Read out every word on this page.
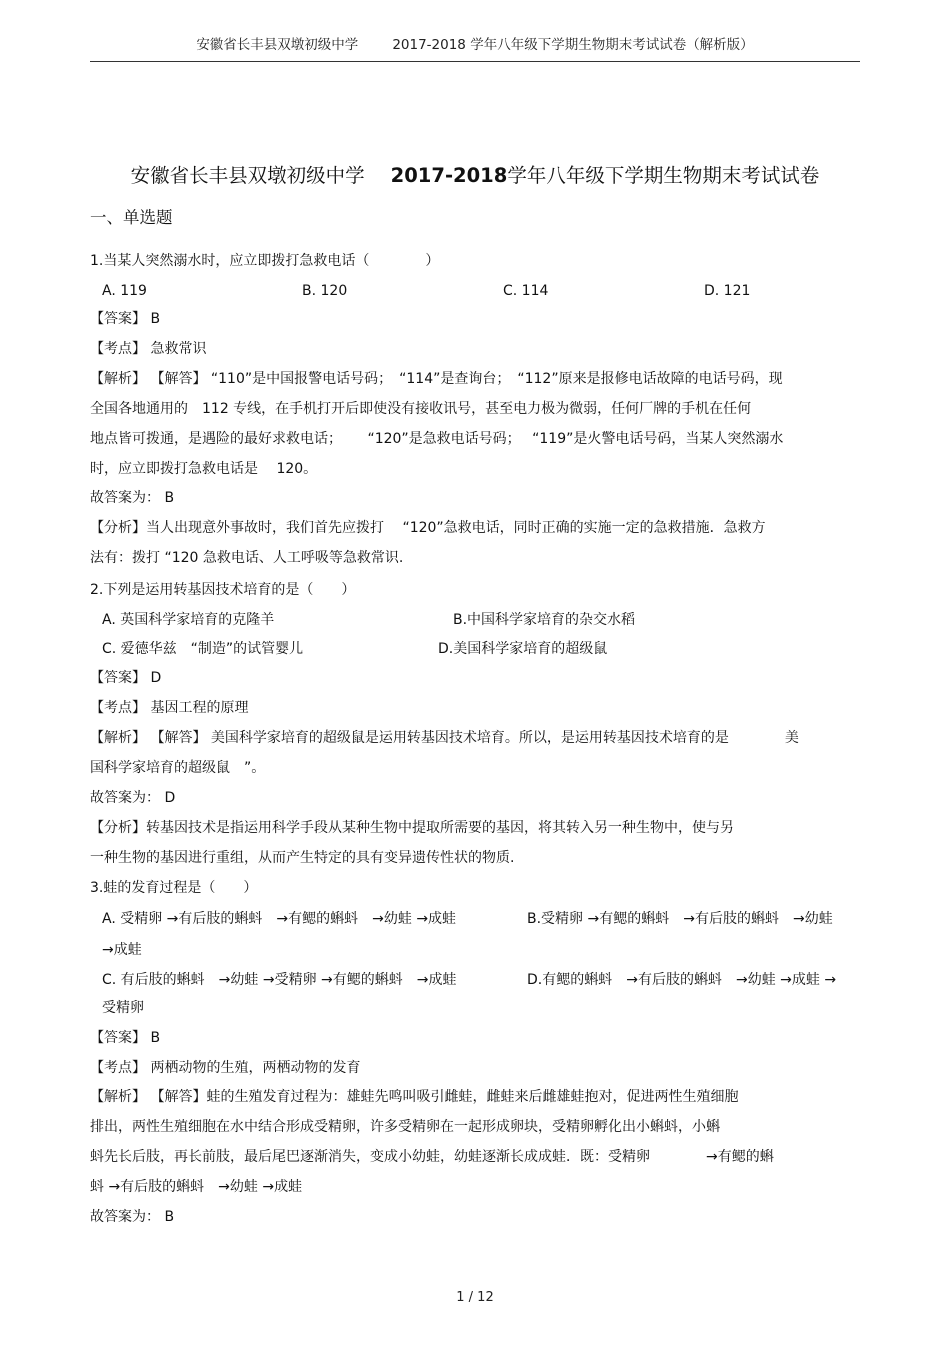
安徽省长丰县双墩初级中学	2017-2018 学年八年级下学期生物期末考试试卷（解析版）
安徽省长丰县双墩初级中学 2017-2018学年八年级下学期生物期末考试试卷
一、单选题
1.当某人突然溺水时，应立即拨打急救电话（　　　　）
A. 119	B. 120	C. 114	D. 121
【答案】 B
【考点】 急救常识
【解析】 【解答】 “110”是中国报警电话号码；　“114”是查询台；　“112”原来是报修电话故障的电话号码，现
全国各地通用的　112 专线，在手机打开后即使没有接收讯号，甚至电力极为微弱，任何厂牌的手机在任何
地点皆可拨通，是遇险的最好求救电话；　　 “120”是急救电话号码；　 “119”是火警电话号码，当某人突然溺水
时，应立即拨打急救电话是　 120。
故答案为： B
【分析】当人出现意外事故时，我们首先应拨打　 “120”急救电话，同时正确的实施一定的急救措施．急救方
法有：拨打 “120 急救电话、人工呼吸等急救常识.
2.下列是运用转基因技术培育的是（　　）
A. 英国科学家培育的克隆羊	B.中国科学家培育的杂交水稻
C. 爱德华兹　“制造”的试管婴儿	D.美国科学家培育的超级鼠
【答案】 D
【考点】 基因工程的原理
【解析】 【解答】 美国科学家培育的超级鼠是运用转基因技术培育。所以，是运用转基因技术培育的是　　　　美
国科学家培育的超级鼠　”。
故答案为： D
【分析】转基因技术是指运用科学手段从某种生物中提取所需要的基因，将其转入另一种生物中，使与另
一种生物的基因进行重组，从而产生特定的具有变异遗传性状的物质.
3.蛙的发育过程是（　　）
A. 受精卵 →有后肢的蝌蚪　→有鳃的蝌蚪　→幼蛙 →成蛙	B.受精卵 →有鳃的蝌蚪　→有后肢的蝌蚪　→幼蛙
→成蛙
C. 有后肢的蝌蚪　→幼蛙 →受精卵 →有鳃的蝌蚪　→成蛙	D.有鳃的蝌蚪　→有后肢的蝌蚪　→幼蛙 →成蛙 →
受精卵
【答案】 B
【考点】 两栖动物的生殖，两栖动物的发育
【解析】 【解答】蛙的生殖发育过程为：雄蛙先鸣叫吸引雌蛙，雌蛙来后雌雄蛙抱对，促进两性生殖细胞
排出，两性生殖细胞在水中结合形成受精卵，许多受精卵在一起形成卵块，受精卵孵化出小蝌蚪，小蝌
蚪先长后肢，再长前肢，最后尾巴逐渐消失，变成小幼蛙，幼蛙逐渐长成成蛙．既：受精卵　　　　→有鳃的蝌
蚪 →有后肢的蝌蚪　→幼蛙 →成蛙
故答案为： B
1 / 12
